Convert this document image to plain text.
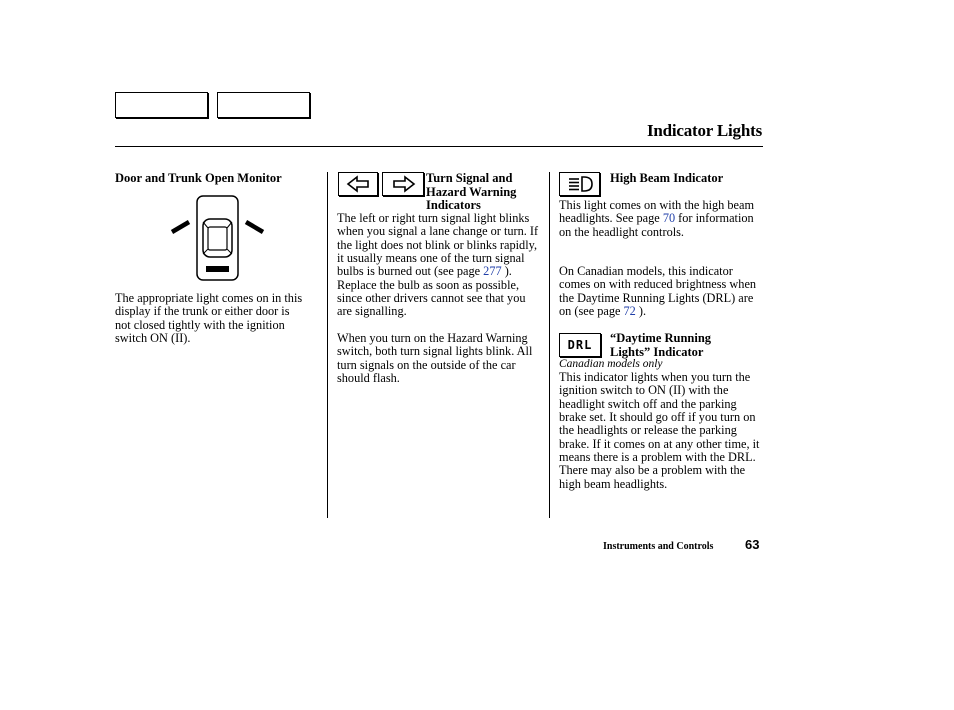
Indicator Lights
Door and Trunk Open Monitor
The appropriate light comes on in this display if the trunk or either door is not closed tightly with the ignition switch ON (II).
Turn Signal and Hazard Warning Indicators

The left or right turn signal light blinks when you signal a lane change or turn. If the light does not blink or blinks rapidly, it usually means one of the turn signal bulbs is burned out (see page 277 ). Replace the bulb as soon as possible, since other drivers cannot see that you are signalling.

When you turn on the Hazard Warning switch, both turn signal lights blink. All turn signals on the outside of the car should flash.
High Beam Indicator

This light comes on with the high beam headlights. See page 70 for information on the headlight controls.

On Canadian models, this indicator comes on with reduced brightness when the Daytime Running Lights (DRL) are on (see page 72 ).

DRL “Daytime Running Lights” Indicator
Canadian models only
This indicator lights when you turn the ignition switch to ON (II) with the headlight switch off and the parking brake set. It should go off if you turn on the headlights or release the parking brake. If it comes on at any other time, it means there is a problem with the DRL. There may also be a problem with the high beam headlights.
Instruments and Controls 63
